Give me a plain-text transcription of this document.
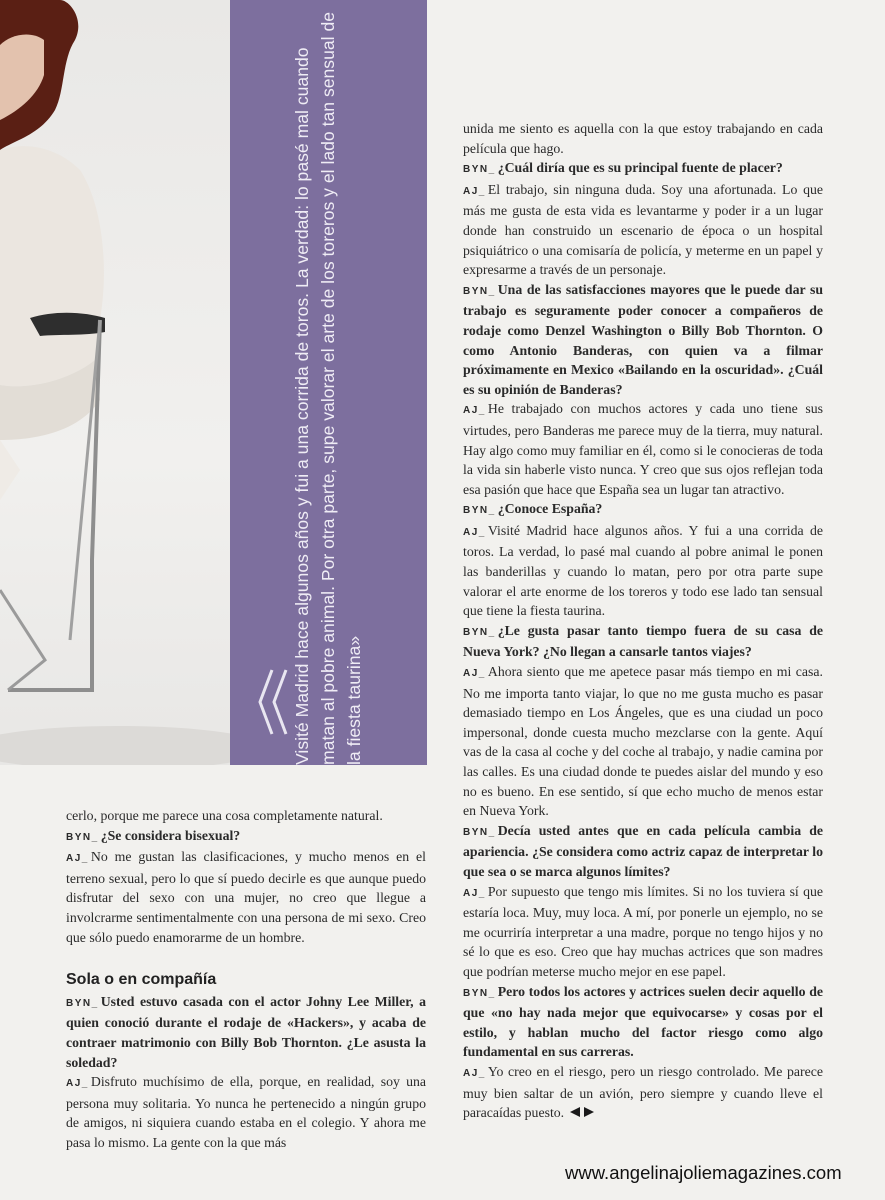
Visité Madrid hace algunos años y fui a una corrida de toros. La verdad: lo pasé mal cuando matan al pobre animal. Por otra parte, supe valorar el arte de los toreros y el lado tan sensual de la fiesta taurina»

unida me siento es aquella con la que estoy trabajando en cada película que hago.

BYN_ ¿Cuál diría que es su principal fuente de placer?

AJ_ El trabajo, sin ninguna duda. Soy una afortunada. Lo que más me gusta de esta vida es levantarme y poder ir a un lugar donde han construido un escenario de época o un hospital psiquiátrico o una comisaría de policía, y meterme en un papel y expresarme a través de un personaje.

BYN_ Una de las satisfacciones mayores que le puede dar su trabajo es seguramente poder conocer a compañeros de rodaje como Denzel Washington o Billy Bob Thornton. O como Antonio Banderas, con quien va a filmar próximamente en Mexico «Bailando en la oscuridad». ¿Cuál es su opinión de Banderas?

AJ_ He trabajado con muchos actores y cada uno tiene sus virtudes, pero Banderas me parece muy de la tierra, muy natural. Hay algo como muy familiar en él, como si le conocieras de toda la vida sin haberle visto nunca. Y creo que sus ojos reflejan toda esa pasión que hace que España sea un lugar tan atractivo.

BYN_ ¿Conoce España?

AJ_ Visité Madrid hace algunos años. Y fui a una corrida de toros. La verdad, lo pasé mal cuando al pobre animal le ponen las banderillas y cuando lo matan, pero por otra parte supe valorar el arte enorme de los toreros y todo ese lado tan sensual que tiene la fiesta taurina.

BYN_ ¿Le gusta pasar tanto tiempo fuera de su casa de Nueva York? ¿No llegan a cansarle tantos viajes?

AJ_ Ahora siento que me apetece pasar más tiempo en mi casa. No me importa tanto viajar, lo que no me gusta mucho es pasar demasiado tiempo en Los Ángeles, que es una ciudad un poco impersonal, donde cuesta mucho mezclarse con la gente. Aquí vas de la casa al coche y del coche al trabajo, y nadie camina por las calles. Es una ciudad donde te puedes aislar del mundo y eso no es bueno. En ese sentido, sí que echo mucho de menos estar en Nueva York.

BYN_ Decía usted antes que en cada película cambia de apariencia. ¿Se considera como actriz capaz de interpretar lo que sea o se marca algunos límites?

AJ_ Por supuesto que tengo mis límites. Si no los tuviera sí que estaría loca. Muy, muy loca. A mí, por ponerle un ejemplo, no se me ocurriría interpretar a una madre, porque no tengo hijos y no sé lo que es eso. Creo que hay muchas actrices que son madres que podrían meterse mucho mejor en ese papel.

BYN_ Pero todos los actores y actrices suelen decir aquello de que «no hay nada mejor que equivocarse» y cosas por el estilo, y hablan mucho del factor riesgo como algo fundamental en sus carreras.

AJ_ Yo creo en el riesgo, pero un riesgo controlado. Me parece muy bien saltar de un avión, pero siempre y cuando lleve el paracaídas puesto.

cerlo, porque me parece una cosa completamente natural.

BYN_ ¿Se considera bisexual?

AJ_ No me gustan las clasificaciones, y mucho menos en el terreno sexual, pero lo que sí puedo decirle es que aunque puedo disfrutar del sexo con una mujer, no creo que llegue a involcrarme sentimentalmente con una persona de mi sexo. Creo que sólo puedo enamorarme de un hombre.

Sola o en compañía

BYN_ Usted estuvo casada con el actor Johny Lee Miller, a quien conoció durante el rodaje de «Hackers», y acaba de contraer matrimonio con Billy Bob Thornton. ¿Le asusta la soledad?

AJ_ Disfruto muchísimo de ella, porque, en realidad, soy una persona muy solitaria. Yo nunca he pertenecido a ningún grupo de amigos, ni siquiera cuando estaba en el colegio. Y ahora me pasa lo mismo. La gente con la que más

www.angelinajoliemagazines.com
